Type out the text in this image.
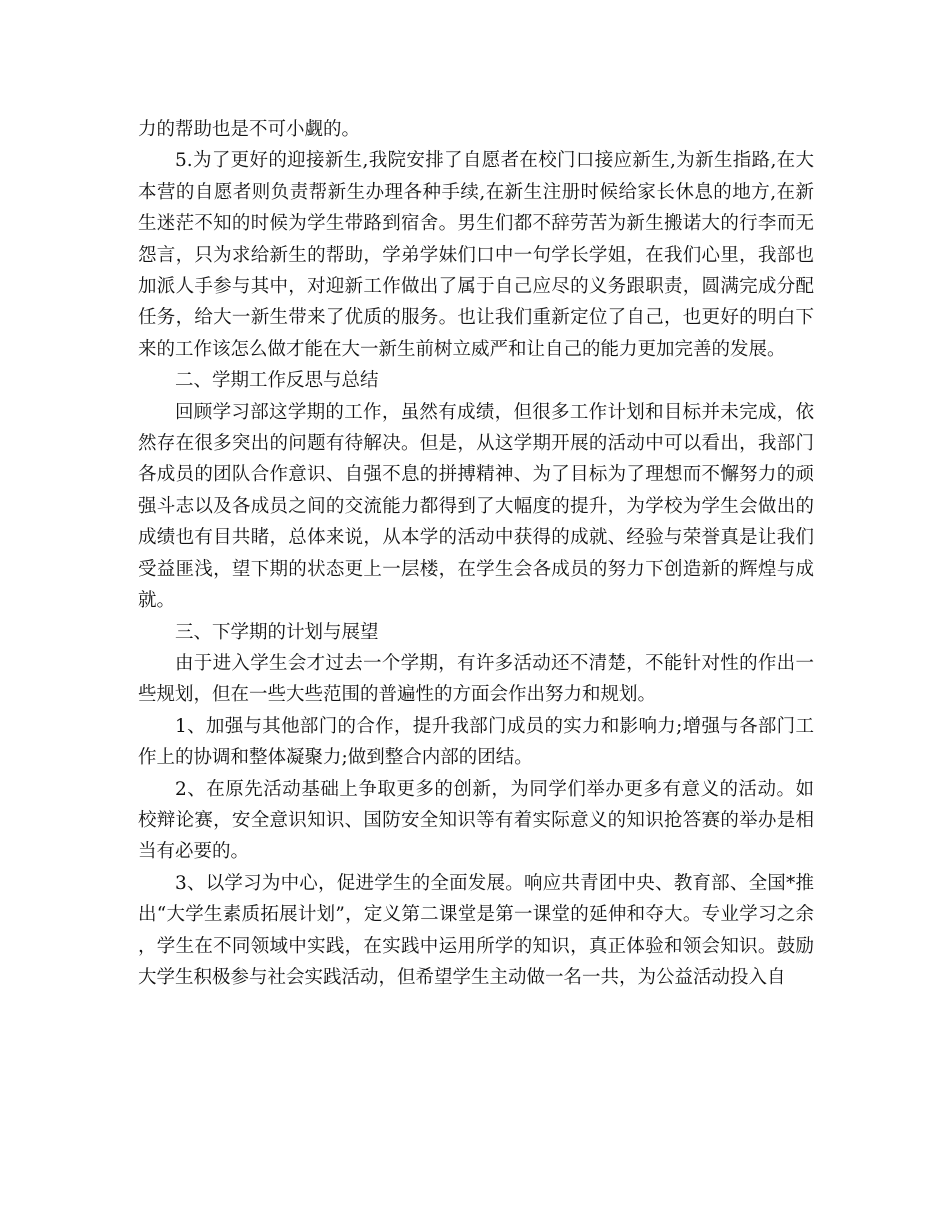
力的帮助也是不可小觑的。

5.为了更好的迎接新生,我院安排了自愿者在校门口接应新生,为新生指路,在大本营的自愿者则负责帮新生办理各种手续,在新生注册时候给家长休息的地方,在新生迷茫不知的时候为学生带路到宿舍。男生们都不辞劳苦为新生搬诺大的行李而无怨言，只为求给新生的帮助，学弟学妹们口中一句学长学姐，在我们心里，我部也加派人手参与其中，对迎新工作做出了属于自己应尽的义务跟职责，圆满完成分配任务，给大一新生带来了优质的服务。也让我们重新定位了自己，也更好的明白下来的工作该怎么做才能在大一新生前树立威严和让自己的能力更加完善的发展。

二、学期工作反思与总结

回顾学习部这学期的工作，虽然有成绩，但很多工作计划和目标并未完成，依然存在很多突出的问题有待解决。但是，从这学期开展的活动中可以看出，我部门各成员的团队合作意识、自强不息的拼搏精神、为了目标为了理想而不懈努力的顽强斗志以及各成员之间的交流能力都得到了大幅度的提升，为学校为学生会做出的成绩也有目共睹，总体来说，从本学的活动中获得的成就、经验与荣誉真是让我们受益匪浅，望下期的状态更上一层楼，在学生会各成员的努力下创造新的辉煌与成就。

三、下学期的计划与展望

由于进入学生会才过去一个学期，有许多活动还不清楚，不能针对性的作出一些规划，但在一些大些范围的普遍性的方面会作出努力和规划。

1、加强与其他部门的合作，提升我部门成员的实力和影响力;增强与各部门工作上的协调和整体凝聚力;做到整合内部的团结。

2、在原先活动基础上争取更多的创新，为同学们举办更多有意义的活动。如校辩论赛，安全意识知识、国防安全知识等有着实际意义的知识抢答赛的举办是相当有必要的。

3、以学习为中心，促进学生的全面发展。响应共青团中央、教育部、全国*推出“大学生素质拓展计划”，定义第二课堂是第一课堂的延伸和夺大。专业学习之余，学生在不同领域中实践，在实践中运用所学的知识，真正体验和领会知识。鼓励大学生积极参与社会实践活动，但希望学生主动做一名一共，为公益活动投入自
